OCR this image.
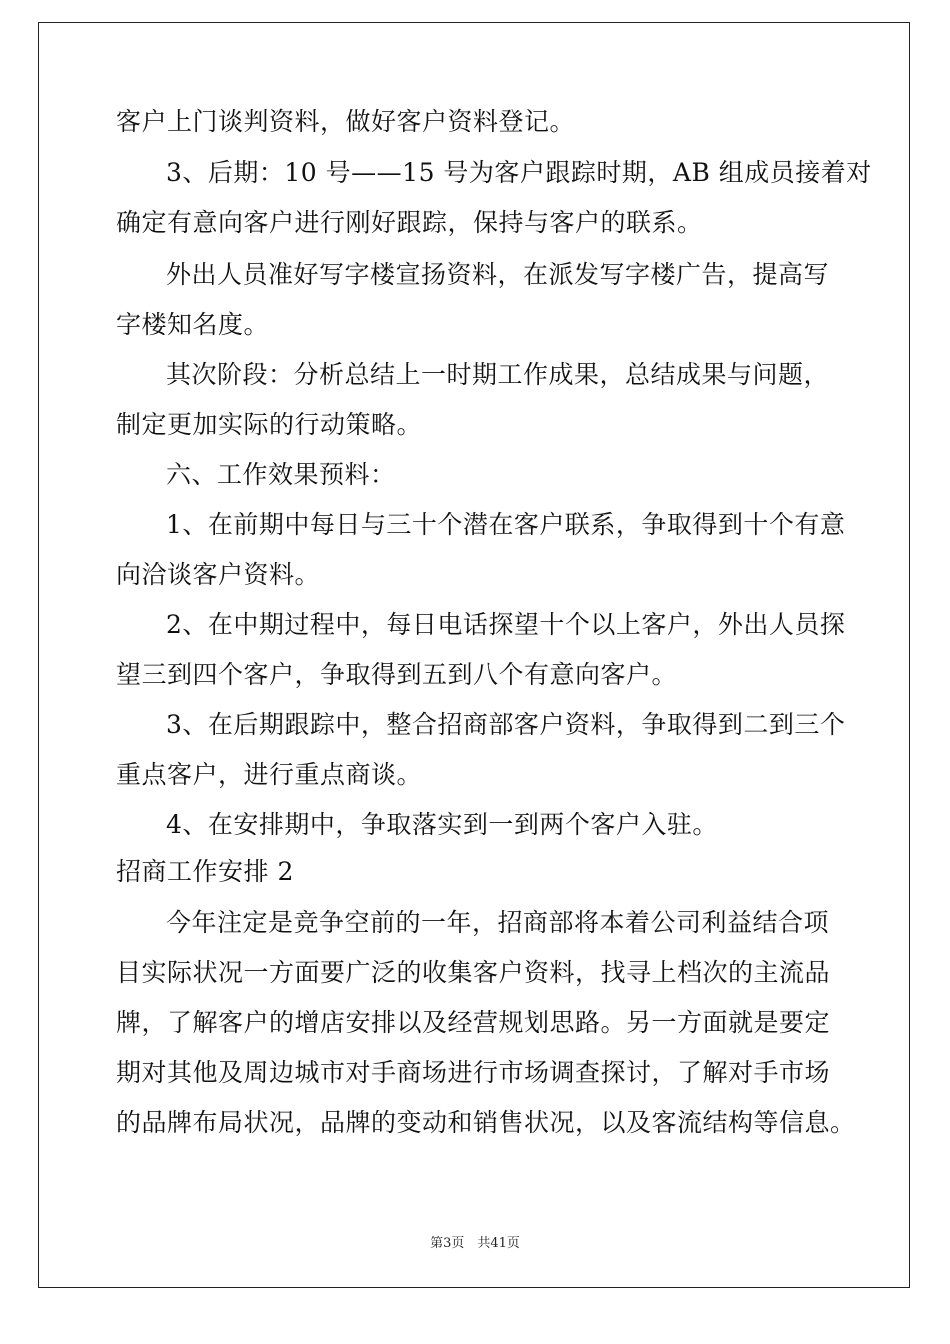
客户上门谈判资料，做好客户资料登记。
3、后期：10 号——15 号为客户跟踪时期，AB 组成员接着对
确定有意向客户进行刚好跟踪，保持与客户的联系。
外出人员准好写字楼宣扬资料，在派发写字楼广告，提高写
字楼知名度。
其次阶段：分析总结上一时期工作成果，总结成果与问题，
制定更加实际的行动策略。
六、工作效果预料：
1、在前期中每日与三十个潜在客户联系，争取得到十个有意
向洽谈客户资料。
2、在中期过程中，每日电话探望十个以上客户，外出人员探
望三到四个客户，争取得到五到八个有意向客户。
3、在后期跟踪中，整合招商部客户资料，争取得到二到三个
重点客户，进行重点商谈。
4、在安排期中，争取落实到一到两个客户入驻。
招商工作安排 2
今年注定是竞争空前的一年，招商部将本着公司利益结合项
目实际状况一方面要广泛的收集客户资料，找寻上档次的主流品
牌，了解客户的增店安排以及经营规划思路。另一方面就是要定
期对其他及周边城市对手商场进行市场调查探讨，了解对手市场
的品牌布局状况，品牌的变动和销售状况，以及客流结构等信息。
第3页　共41页
